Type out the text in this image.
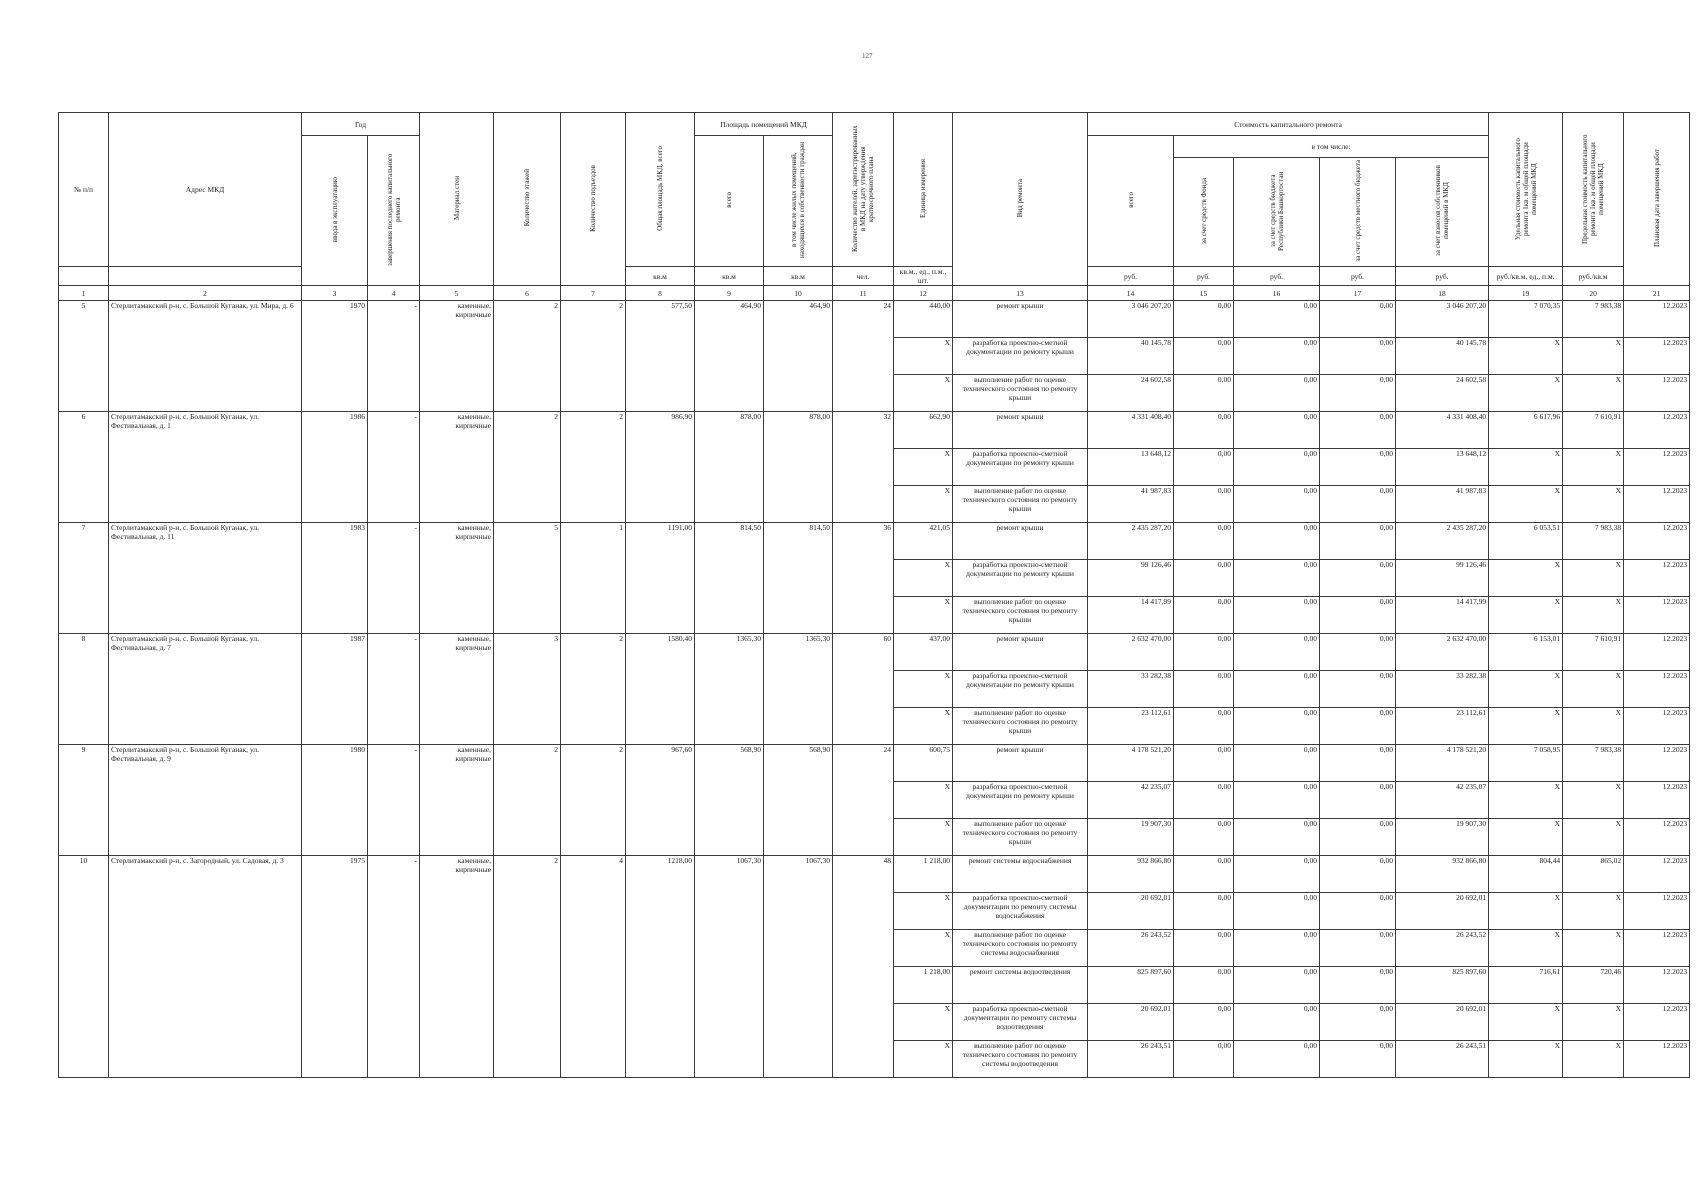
127
№ п/п	Адрес МКД	Год		Материал стен	Количество этажей	Количество подъездов	Общая площадь МКД, всего	Площадь помещений МКД		Количество жителей, зарегистрированных в МКД на дату утверждения краткосрочного плана	Единица измерения	Вид ремонта	Стоимость капитального ремонта					Удельная стоимость капитального ремонта 1кв. м общей площади помещений МКД	Предельная стоимость капитального ремонта 1кв. м общей площади помещений МКД	Плановая дата завершения работ
		ввода в эксплуатацию	завершения последнего капитального ремонта					всего	в том числе жилых помещений, находящихся в собственности граждан				всего	в том числе:						
														за счет средств Фонда	за счет средств бюджета Республики Башкортостан	за счет средств местного бюджета	за счет взносов собственников помещений в МКД			
							кв.м	кв.м	кв.м	чел.	кв.м., ед., п.м., шт.		руб.	руб.	руб.	руб.	руб.	руб./кв.м, ед., п.м.	руб./кв.м	
1	2	3	4	5	6	7	8	9	10	11	12	13	14	15	16	17	18	19	20	21
5	Стерлитамакский р-н, с. Большой Куганак, ул. Мира, д. 6	1970	-	каменные, кирпичные	2	2	577,50	464,90	464,90	24	440,00	ремонт крыши	3 046 207,20	0,00	0,00	0,00	3 046 207,20	7 070,35	7 983,38	12.2023
											X	разработка проектно-сметной документации по ремонту крыши	40 145,78	0,00	0,00	0,00	40 145,78	X	X	12.2023
											X	выполнение работ по оценке технического состояния по ремонту крыши	24 602,58	0,00	0,00	0,00	24 602,58	X	X	12.2023
6	Стерлитамакский р-н, с. Большой Куганак, ул. Фестивальная, д. 1	1986	-	каменные, кирпичные	2	2	986,90	878,00	878,00	32	662,90	ремонт крыши	4 331 408,40	0,00	0,00	0,00	4 331 408,40	6 617,96	7 610,91	12.2023
											X	разработка проектно-сметной документации по ремонту крыши	13 648,12	0,00	0,00	0,00	13 648,12	X	X	12.2023
											X	выполнение работ по оценке технического состояния по ремонту крыши	41 987,83	0,00	0,00	0,00	41 987,83	X	X	12.2023
7	Стерлитамакский р-н, с. Большой Куганак, ул. Фестивальная, д. 11	1983	-	каменные, кирпичные	5	1	1191,00	814,50	814,50	36	421,05	ремонт крыши	2 435 287,20	0,00	0,00	0,00	2 435 287,20	6 053,51	7 983,38	12.2023
											X	разработка проектно-сметной документации по ремонту крыши	99 126,46	0,00	0,00	0,00	99 126,46	X	X	12.2023
											X	выполнение работ по оценке технического состояния по ремонту крыши	14 417,99	0,00	0,00	0,00	14 417,99	X	X	12.2023
8	Стерлитамакский р-н, с. Большой Куганак, ул. Фестивальная, д. 7	1987	-	каменные, кирпичные	3	2	1580,40	1365,30	1365,30	60	437,00	ремонт крыши	2 632 470,00	0,00	0,00	0,00	2 632 470,00	6 153,01	7 610,91	12.2023
											X	разработка проектно-сметной документации по ремонту крыши	33 282,38	0,00	0,00	0,00	33 282,38	X	X	12.2023
											X	выполнение работ по оценке технического состояния по ремонту крыши	23 112,61	0,00	0,00	0,00	23 112,61	X	X	12.2023
9	Стерлитамакский р-н, с. Большой Куганак, ул. Фестивальная, д. 9	1980	-	каменные, кирпичные	2	2	967,60	568,90	568,90	24	600,75	ремонт крыши	4 178 521,20	0,00	0,00	0,00	4 178 521,20	7 058,95	7 983,38	12.2023
											X	разработка проектно-сметной документации по ремонту крыши	42 235,07	0,00	0,00	0,00	42 235,07	X	X	12.2023
											X	выполнение работ по оценке технического состояния по ремонту крыши	19 907,30	0,00	0,00	0,00	19 907,30	X	X	12.2023
10	Стерлитамакский р-н, с. Загородный, ул. Садовая, д. 3	1975	-	каменные, кирпичные	2	4	1218,00	1067,30	1067,30	48	1 218,00	ремонт системы водоснабжения	932 866,80	0,00	0,00	0,00	932 866,80	804,44	865,02	12.2023
											X	разработка проектно-сметной документации по ремонту системы водоснабжения	20 692,01	0,00	0,00	0,00	20 692,01	X	X	12.2023
											X	выполнение работ по оценке технического состояния по ремонту системы водоснабжения	26 243,52	0,00	0,00	0,00	26 243,52	X	X	12.2023
											1 218,00	ремонт системы водоотведения	825 897,60	0,00	0,00	0,00	825 897,60	716,61	720,46	12.2023
											X	разработка проектно-сметной документации по ремонту системы водоотведения	20 692,01	0,00	0,00	0,00	20 692,01	X	X	12.2023
											X	выполнение работ по оценке технического состояния по ремонту системы водоотведения	26 243,51	0,00	0,00	0,00	26 243,51	X	X	12.2023
